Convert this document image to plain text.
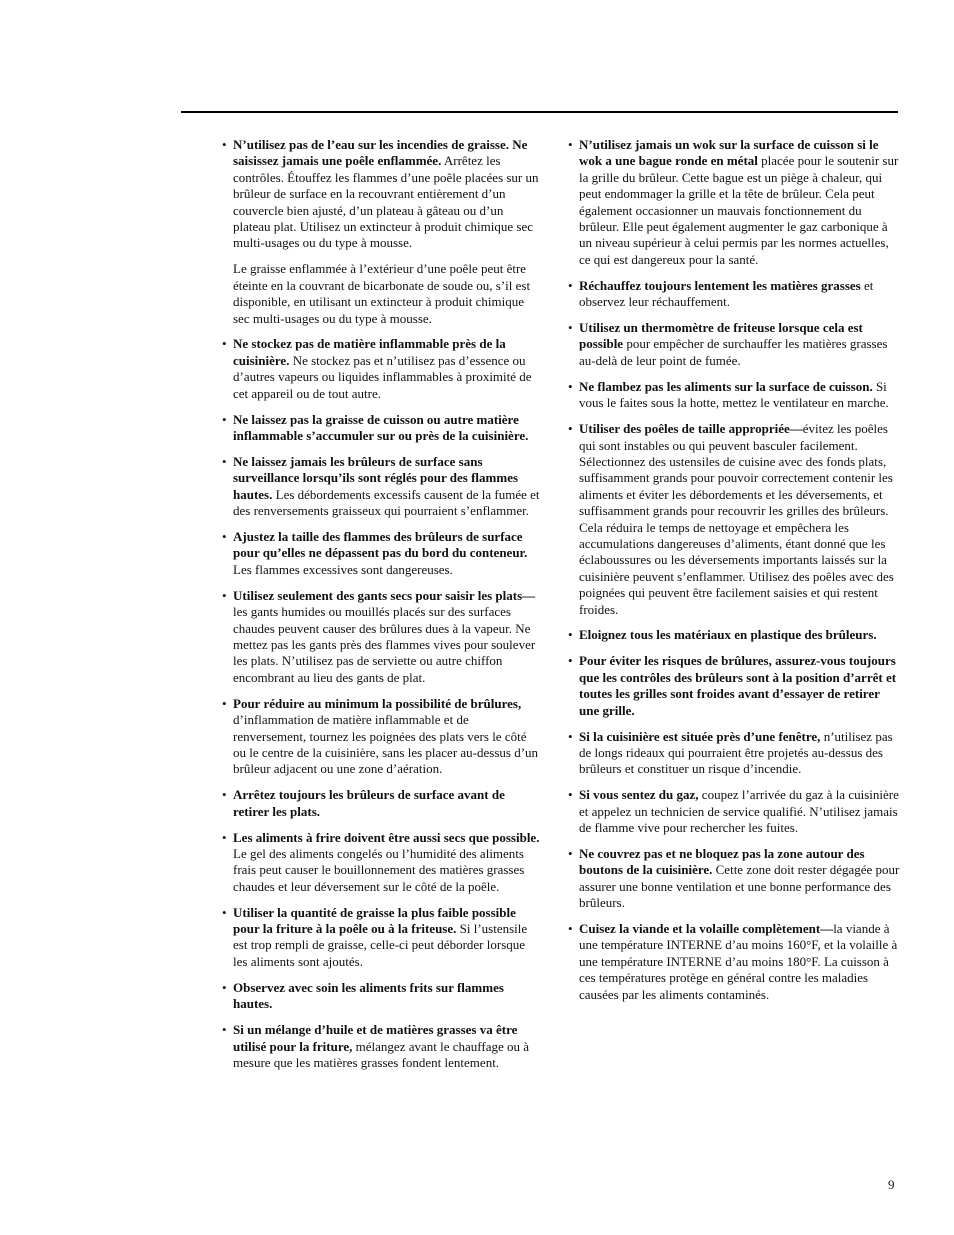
• N’utilisez pas de l’eau sur les incendies de graisse. Ne saisissez jamais une poêle enflammée. Arrêtez les contrôles. Étouffez les flammes d’une poêle placées sur un brûleur de surface en la recouvrant entièrement d’un couvercle bien ajusté, d’un plateau à gâteau ou d’un plateau plat. Utilisez un extincteur à produit chimique sec multi-usages ou du type à mousse.

Le graisse enflammée à l’extérieur d’une poêle peut être éteinte en la couvrant de bicarbonate de soude ou, s’il est disponible, en utilisant un extincteur à produit chimique sec multi-usages ou du type à mousse.

• Ne stockez pas de matière inflammable près de la cuisinière. Ne stockez pas et n’utilisez pas d’essence ou d’autres vapeurs ou liquides inflammables à proximité de cet appareil ou de tout autre.

• Ne laissez pas la graisse de cuisson ou autre matière inflammable s’accumuler sur ou près de la cuisinière.

• Ne laissez jamais les brûleurs de surface sans surveillance lorsqu’ils sont réglés pour des flammes hautes. Les débordements excessifs causent de la fumée et des renversements graisseux qui pourraient s’enflammer.

• Ajustez la taille des flammes des brûleurs de surface pour qu’elles ne dépassent pas du bord du conteneur. Les flammes excessives sont dangereuses.

• Utilisez seulement des gants secs pour saisir les plats—les gants humides ou mouillés placés sur des surfaces chaudes peuvent causer des brûlures dues à la vapeur. Ne mettez pas les gants près des flammes vives pour soulever les plats. N’utilisez pas de serviette ou autre chiffon encombrant au lieu des gants de plat.

• Pour réduire au minimum la possibilité de brûlures, d’inflammation de matière inflammable et de renversement, tournez les poignées des plats vers le côté ou le centre de la cuisinière, sans les placer au-dessus d’un brûleur adjacent ou une zone d’aération.

• Arrêtez toujours les brûleurs de surface avant de retirer les plats.

• Les aliments à frire doivent être aussi secs que possible. Le gel des aliments congelés ou l’humidité des aliments frais peut causer le bouillonnement des matières grasses chaudes et leur déversement sur le côté de la poêle.

• Utiliser la quantité de graisse la plus faible possible pour la friture à la poêle ou à la friteuse. Si l’ustensile est trop rempli de graisse, celle-ci peut déborder lorsque les aliments sont ajoutés.

• Observez avec soin les aliments frits sur flammes hautes.

• Si un mélange d’huile et de matières grasses va être utilisé pour la friture, mélangez avant le chauffage ou à mesure que les matières grasses fondent lentement.

• N’utilisez jamais un wok sur la surface de cuisson si le wok a une bague ronde en métal placée pour le soutenir sur la grille du brûleur. Cette bague est un piège à chaleur, qui peut endommager la grille et la tête de brûleur. Cela peut également occasionner un mauvais fonctionnement du brûleur. Elle peut également augmenter le gaz carbonique à un niveau supérieur à celui permis par les normes actuelles, ce qui est dangereux pour la santé.

• Réchauffez toujours lentement les matières grasses et observez leur réchauffement.

• Utilisez un thermomètre de friteuse lorsque cela est possible pour empêcher de surchauffer les matières grasses au-delà de leur point de fumée.

• Ne flambez pas les aliments sur la surface de cuisson. Si vous le faites sous la hotte, mettez le ventilateur en marche.

• Utiliser des poêles de taille appropriée—évitez les poêles qui sont instables ou qui peuvent basculer facilement. Sélectionnez des ustensiles de cuisine avec des fonds plats, suffisamment grands pour pouvoir correctement contenir les aliments et éviter les débordements et les déversements, et suffisamment grands pour recouvrir les grilles des brûleurs. Cela réduira le temps de nettoyage et empêchera les accumulations dangereuses d’aliments, étant donné que les éclaboussures ou les déversements importants laissés sur la cuisinière peuvent s’enflammer. Utilisez des poêles avec des poignées qui peuvent être facilement saisies et qui restent froides.

• Eloignez tous les matériaux en plastique des brûleurs.

• Pour éviter les risques de brûlures, assurez-vous toujours que les contrôles des brûleurs sont à la position d’arrêt et toutes les grilles sont froides avant d’essayer de retirer une grille.

• Si la cuisinière est située près d’une fenêtre, n’utilisez pas de longs rideaux qui pourraient être projetés au-dessus des brûleurs et constituer un risque d’incendie.

• Si vous sentez du gaz, coupez l’arrivée du gaz à la cuisinière et appelez un technicien de service qualifié. N’utilisez jamais de flamme vive pour rechercher les fuites.

• Ne couvrez pas et ne bloquez pas la zone autour des boutons de la cuisinière. Cette zone doit rester dégagée pour assurer une bonne ventilation et une bonne performance des brûleurs.

• Cuisez la viande et la volaille complètement—la viande à une température INTERNE d’au moins 160°F, et la volaille à une température INTERNE d’au moins 180°F. La cuisson à ces températures protège en général contre les maladies causées par les aliments contaminés.

9
